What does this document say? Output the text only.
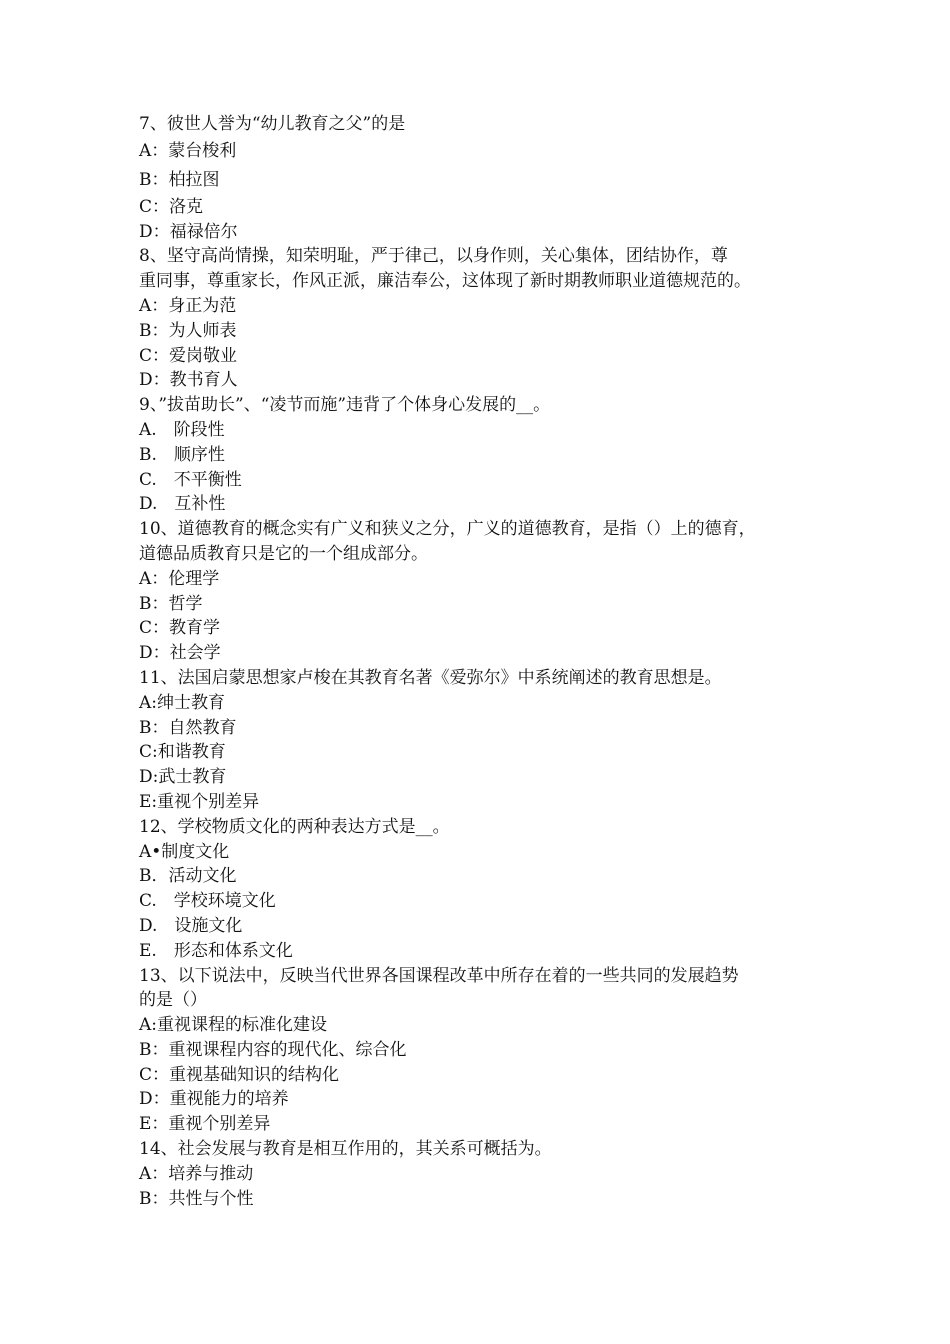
7、彼世人誉为“幼儿教育之父”的是
A：蒙台梭利
B：柏拉图
C：洛克
D：福禄倍尔
8、坚守高尚情操，知荣明耻，严于律己，以身作则，关心集体，团结协作，尊
重同事，尊重家长，作风正派，廉洁奉公，这体现了新时期教师职业道德规范的。
A：身正为范
B：为人师表
C：爱岗敬业
D：教书育人
9、”拔苗助长”、“凌节而施”违背了个体身心发展的__。
A.　阶段性
B.　顺序性
C.　不平衡性
D.　互补性
10、道德教育的概念实有广义和狭义之分，广义的道德教育，是指（）上的德育，
道德品质教育只是它的一个组成部分。
A：伦理学
B：哲学
C：教育学
D：社会学
11、法国启蒙思想家卢梭在其教育名著《爱弥尔》中系统阐述的教育思想是。
A:绅士教育
B：自然教育
C:和谐教育
D:武士教育
E:重视个别差异
12、学校物质文化的两种表达方式是__。
A•制度文化
B．活动文化
C.　学校环境文化
D.　设施文化
E.　形态和体系文化
13、以下说法中，反映当代世界各国课程改革中所存在着的一些共同的发展趋势
的是（）
A:重视课程的标准化建设
B：重视课程内容的现代化、综合化
C：重视基础知识的结构化
D：重视能力的培养
E：重视个别差异
14、社会发展与教育是相互作用的，其关系可概括为。
A：培养与推动
B：共性与个性
